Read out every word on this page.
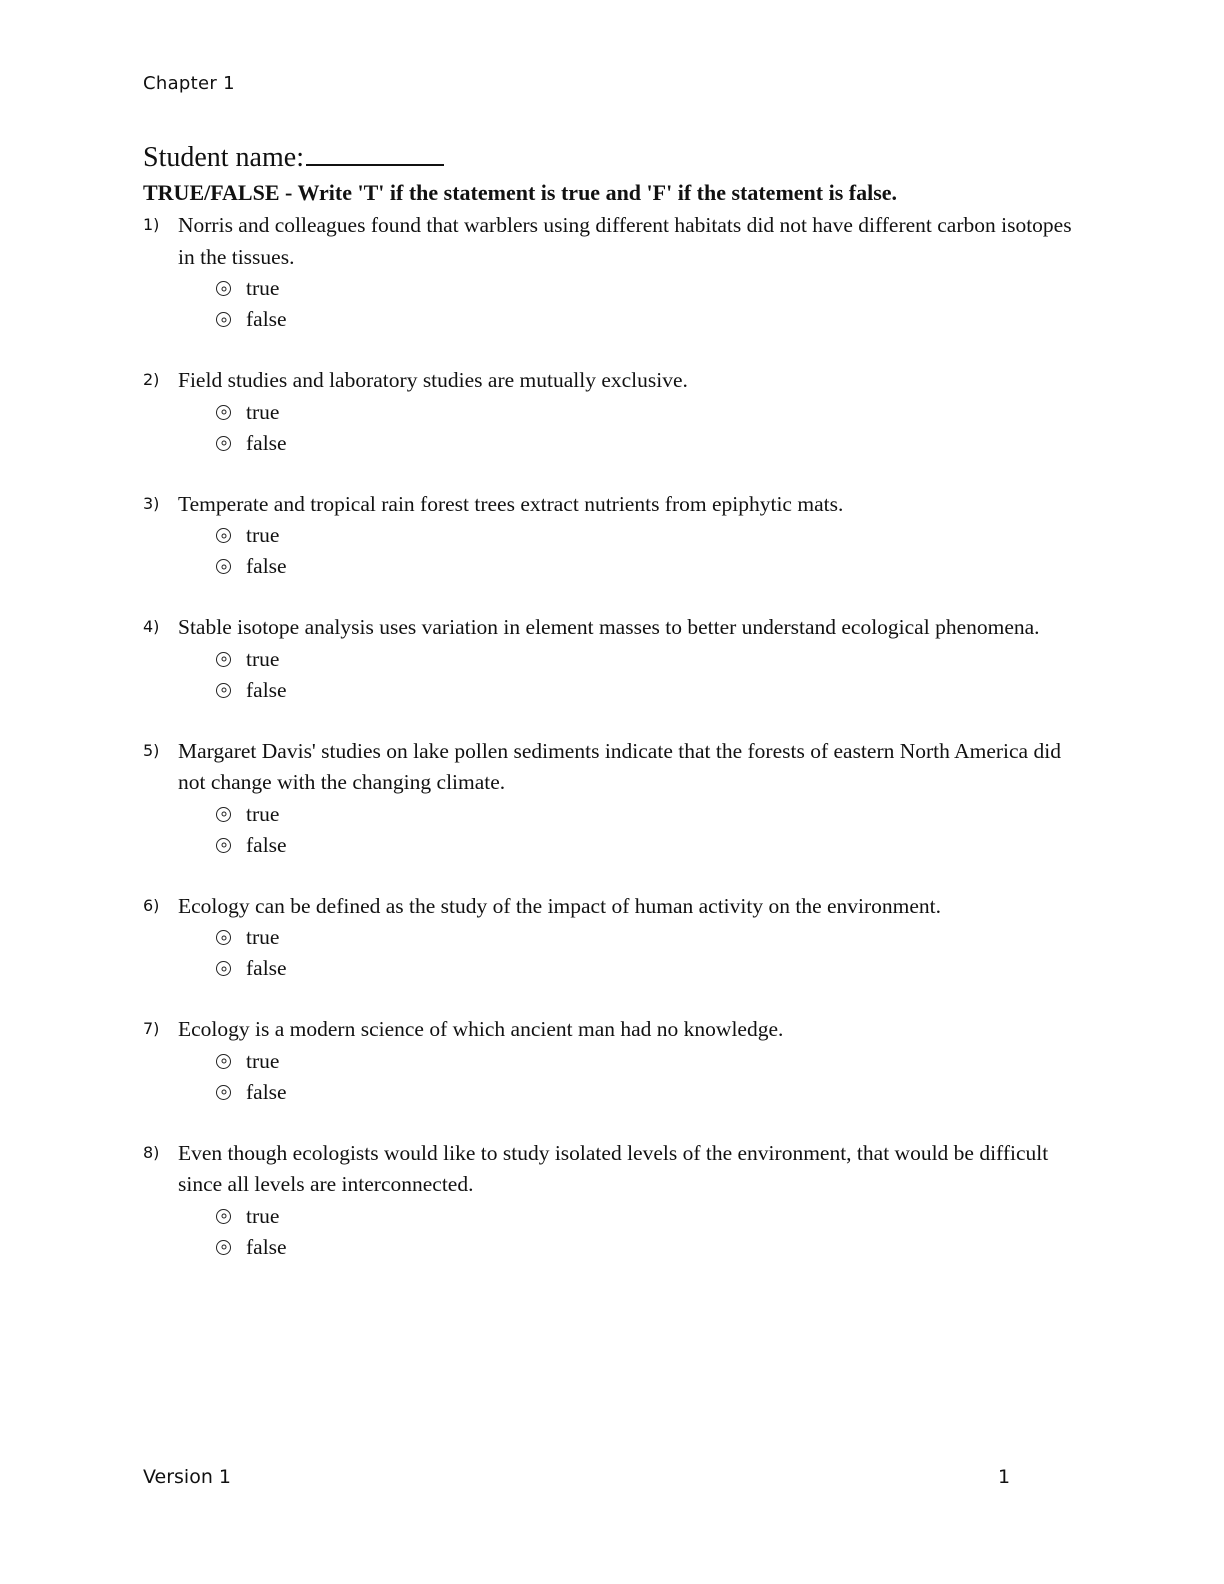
Chapter 1
Student name:
TRUE/FALSE - Write 'T' if the statement is true and 'F' if the statement is false.
1) Norris and colleagues found that warblers using different habitats did not have different carbon isotopes in the tissues.
true
false
2) Field studies and laboratory studies are mutually exclusive.
true
false
3) Temperate and tropical rain forest trees extract nutrients from epiphytic mats.
true
false
4) Stable isotope analysis uses variation in element masses to better understand ecological phenomena.
true
false
5) Margaret Davis' studies on lake pollen sediments indicate that the forests of eastern North America did not change with the changing climate.
true
false
6) Ecology can be defined as the study of the impact of human activity on the environment.
true
false
7) Ecology is a modern science of which ancient man had no knowledge.
true
false
8) Even though ecologists would like to study isolated levels of the environment, that would be difficult since all levels are interconnected.
true
false
Version 1	1
